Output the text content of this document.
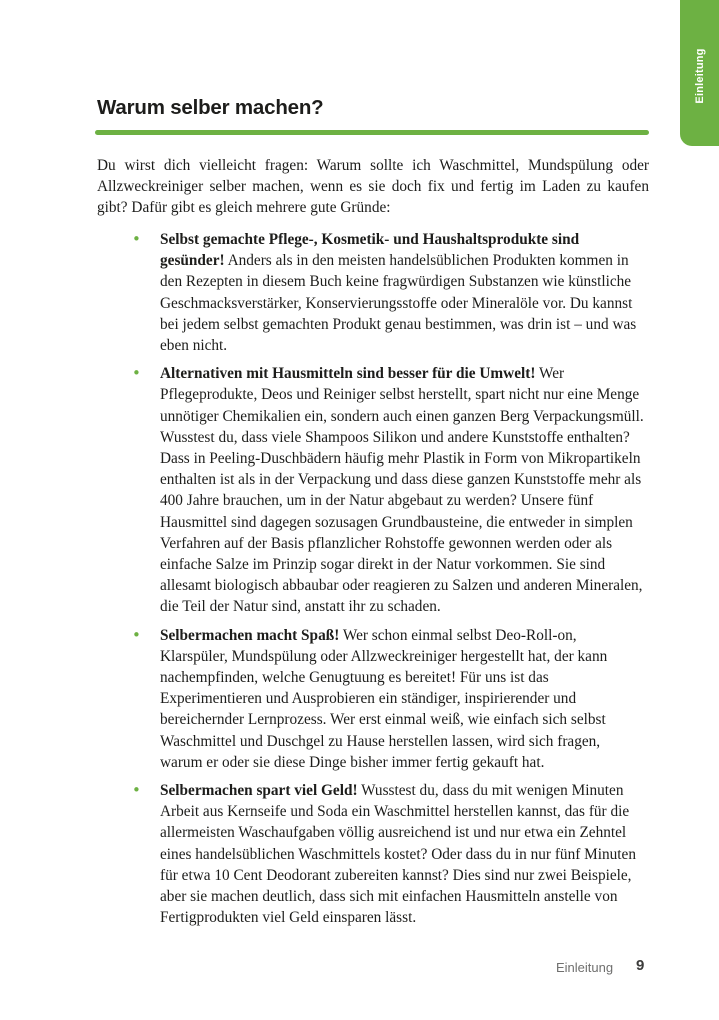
Einleitung
Warum selber machen?

Du wirst dich vielleicht fragen: Warum sollte ich Waschmittel, Mundspülung oder Allzweckreiniger selber machen, wenn es sie doch fix und fertig im Laden zu kaufen gibt? Dafür gibt es gleich mehrere gute Gründe:

• Selbst gemachte Pflege-, Kosmetik- und Haushaltsprodukte sind gesünder! Anders als in den meisten handelsüblichen Produkten kommen in den Rezepten in diesem Buch keine fragwürdigen Substanzen wie künstliche Geschmacksverstärker, Konservierungsstoffe oder Mineralöle vor. Du kannst bei jedem selbst gemachten Produkt genau bestimmen, was drin ist – und was eben nicht.
• Alternativen mit Hausmitteln sind besser für die Umwelt! Wer Pflegeprodukte, Deos und Reiniger selbst herstellt, spart nicht nur eine Menge unnötiger Chemikalien ein, sondern auch einen ganzen Berg Verpackungsmüll. Wusstest du, dass viele Shampoos Silikon und andere Kunststoffe enthalten? Dass in Peeling-Duschbädern häufig mehr Plastik in Form von Mikropartikeln enthalten ist als in der Verpackung und dass diese ganzen Kunststoffe mehr als 400 Jahre brauchen, um in der Natur abgebaut zu werden? Unsere fünf Hausmittel sind dagegen sozusagen Grundbausteine, die entweder in simplen Verfahren auf der Basis pflanzlicher Rohstoffe gewonnen werden oder als einfache Salze im Prinzip sogar direkt in der Natur vorkommen. Sie sind allesamt biologisch abbaubar oder reagieren zu Salzen und anderen Mineralen, die Teil der Natur sind, anstatt ihr zu schaden.
• Selbermachen macht Spaß! Wer schon einmal selbst Deo-Roll-on, Klarspüler, Mundspülung oder Allzweckreiniger hergestellt hat, der kann nachempfinden, welche Genugtuung es bereitet! Für uns ist das Experimentieren und Ausprobieren ein ständiger, inspirierender und bereichernder Lernprozess. Wer erst einmal weiß, wie einfach sich selbst Waschmittel und Duschgel zu Hause herstellen lassen, wird sich fragen, warum er oder sie diese Dinge bisher immer fertig gekauft hat.
• Selbermachen spart viel Geld! Wusstest du, dass du mit wenigen Minuten Arbeit aus Kernseife und Soda ein Waschmittel herstellen kannst, das für die allermeisten Waschaufgaben völlig ausreichend ist und nur etwa ein Zehntel eines handelsüblichen Waschmittels kostet? Oder dass du in nur fünf Minuten für etwa 10 Cent Deodorant zubereiten kannst? Dies sind nur zwei Beispiele, aber sie machen deutlich, dass sich mit einfachen Hausmitteln anstelle von Fertigprodukten viel Geld einsparen lässt.

Einleitung 9
